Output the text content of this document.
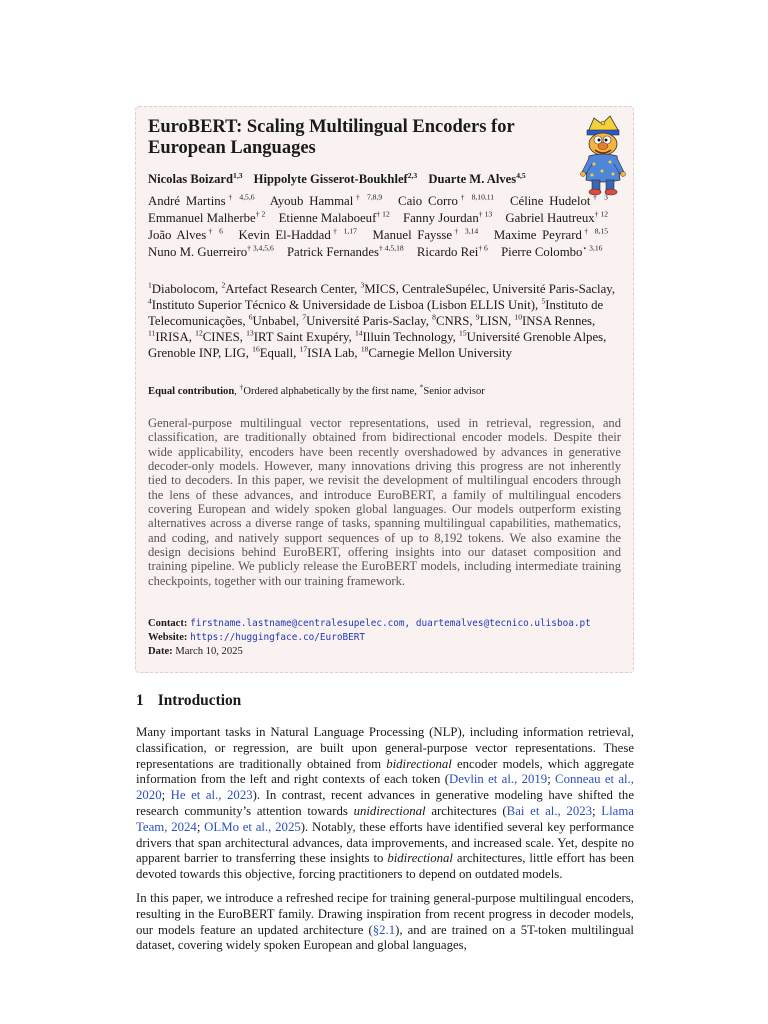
EuroBERT: Scaling Multilingual Encoders for European Languages
Nicolas Boizard$^{1,3}$ Hippolyte Gisserot-Boukhlef$^{2,3}$ Duarte M. Alves$^{4,5}$
André Martins$^{\dagger 4,5,6}$ Ayoub Hammal$^{\dagger 7,8,9}$ Caio Corro$^{\dagger 8,10,11}$ Céline Hudelot$^{\dagger 3}$ Emmanuel Malherbe$^{\dagger 2}$ Etienne Malaboeuf$^{\dagger 12}$ Fanny Jourdan$^{\dagger 13}$ Gabriel Hautreux$^{\dagger 12}$ João Alves$^{\dagger 6}$ Kevin El-Haddad$^{\dagger 1,17}$ Manuel Faysse$^{\dagger 3,14}$ Maxime Peyrard$^{\dagger 8,15}$ Nuno M. Guerreiro$^{\dagger 3,4,5,6}$ Patrick Fernandes$^{\dagger 4,5,18}$ Ricardo Rei$^{\dagger 6}$ Pierre Colombo$^{⋆ 3,16}$
$^1$Diabolocom, $^2$Artefact Research Center, $^3$MICS, CentraleSupélec, Université Paris-Saclay, $^4$Instituto Superior Técnico & Universidade de Lisboa (Lisbon ELLIS Unit), $^5$Instituto de Telecomunicações, $^6$Unbabel, $^7$Université Paris-Saclay, $^8$CNRS, $^9$LISN, $^{10}$INSA Rennes, $^{11}$IRISA, $^{12}$CINES, $^{13}$IRT Saint Exupéry, $^{14}$Illuin Technology, $^{15}$Université Grenoble Alpes, Grenoble INP, LIG, $^{16}$Equall, $^{17}$ISIA Lab, $^{18}$Carnegie Mellon University
Equal contribution, †Ordered alphabetically by the first name, *Senior advisor
General-purpose multilingual vector representations, used in retrieval, regression, and classification, are traditionally obtained from bidirectional encoder models. Despite their wide applicability, encoders have been recently overshadowed by advances in generative decoder-only models. However, many innovations driving this progress are not inherently tied to decoders. In this paper, we revisit the development of multilingual encoders through the lens of these advances, and introduce EuroBERT, a family of multilingual encoders covering European and widely spoken global languages. Our models outperform existing alternatives across a diverse range of tasks, spanning multilingual capabilities, mathematics, and coding, and natively support sequences of up to 8,192 tokens. We also examine the design decisions behind EuroBERT, offering insights into our dataset composition and training pipeline. We publicly release the EuroBERT models, including intermediate training checkpoints, together with our training framework.
Contact: firstname.lastname@centralesupelec.com, duartemalves@tecnico.ulisboa.pt
Website: https://huggingface.co/EuroBERT
Date: March 10, 2025
1 Introduction
Many important tasks in Natural Language Processing (NLP), including information retrieval, classification, or regression, are built upon general-purpose vector representations. These representations are traditionally obtained from bidirectional encoder models, which aggregate information from the left and right contexts of each token (Devlin et al., 2019; Conneau et al., 2020; He et al., 2023). In contrast, recent advances in generative modeling have shifted the research community’s attention towards unidirectional architectures (Bai et al., 2023; Llama Team, 2024; OLMo et al., 2025). Notably, these efforts have identified several key performance drivers that span architectural advances, data improvements, and increased scale. Yet, despite no apparent barrier to transferring these insights to bidirectional architectures, little effort has been devoted towards this objective, forcing practitioners to depend on outdated models.
In this paper, we introduce a refreshed recipe for training general-purpose multilingual encoders, resulting in the EuroBERT family. Drawing inspiration from recent progress in decoder models, our models feature an updated architecture (§2.1), and are trained on a 5T-token multilingual dataset, covering widely spoken European and global languages,
